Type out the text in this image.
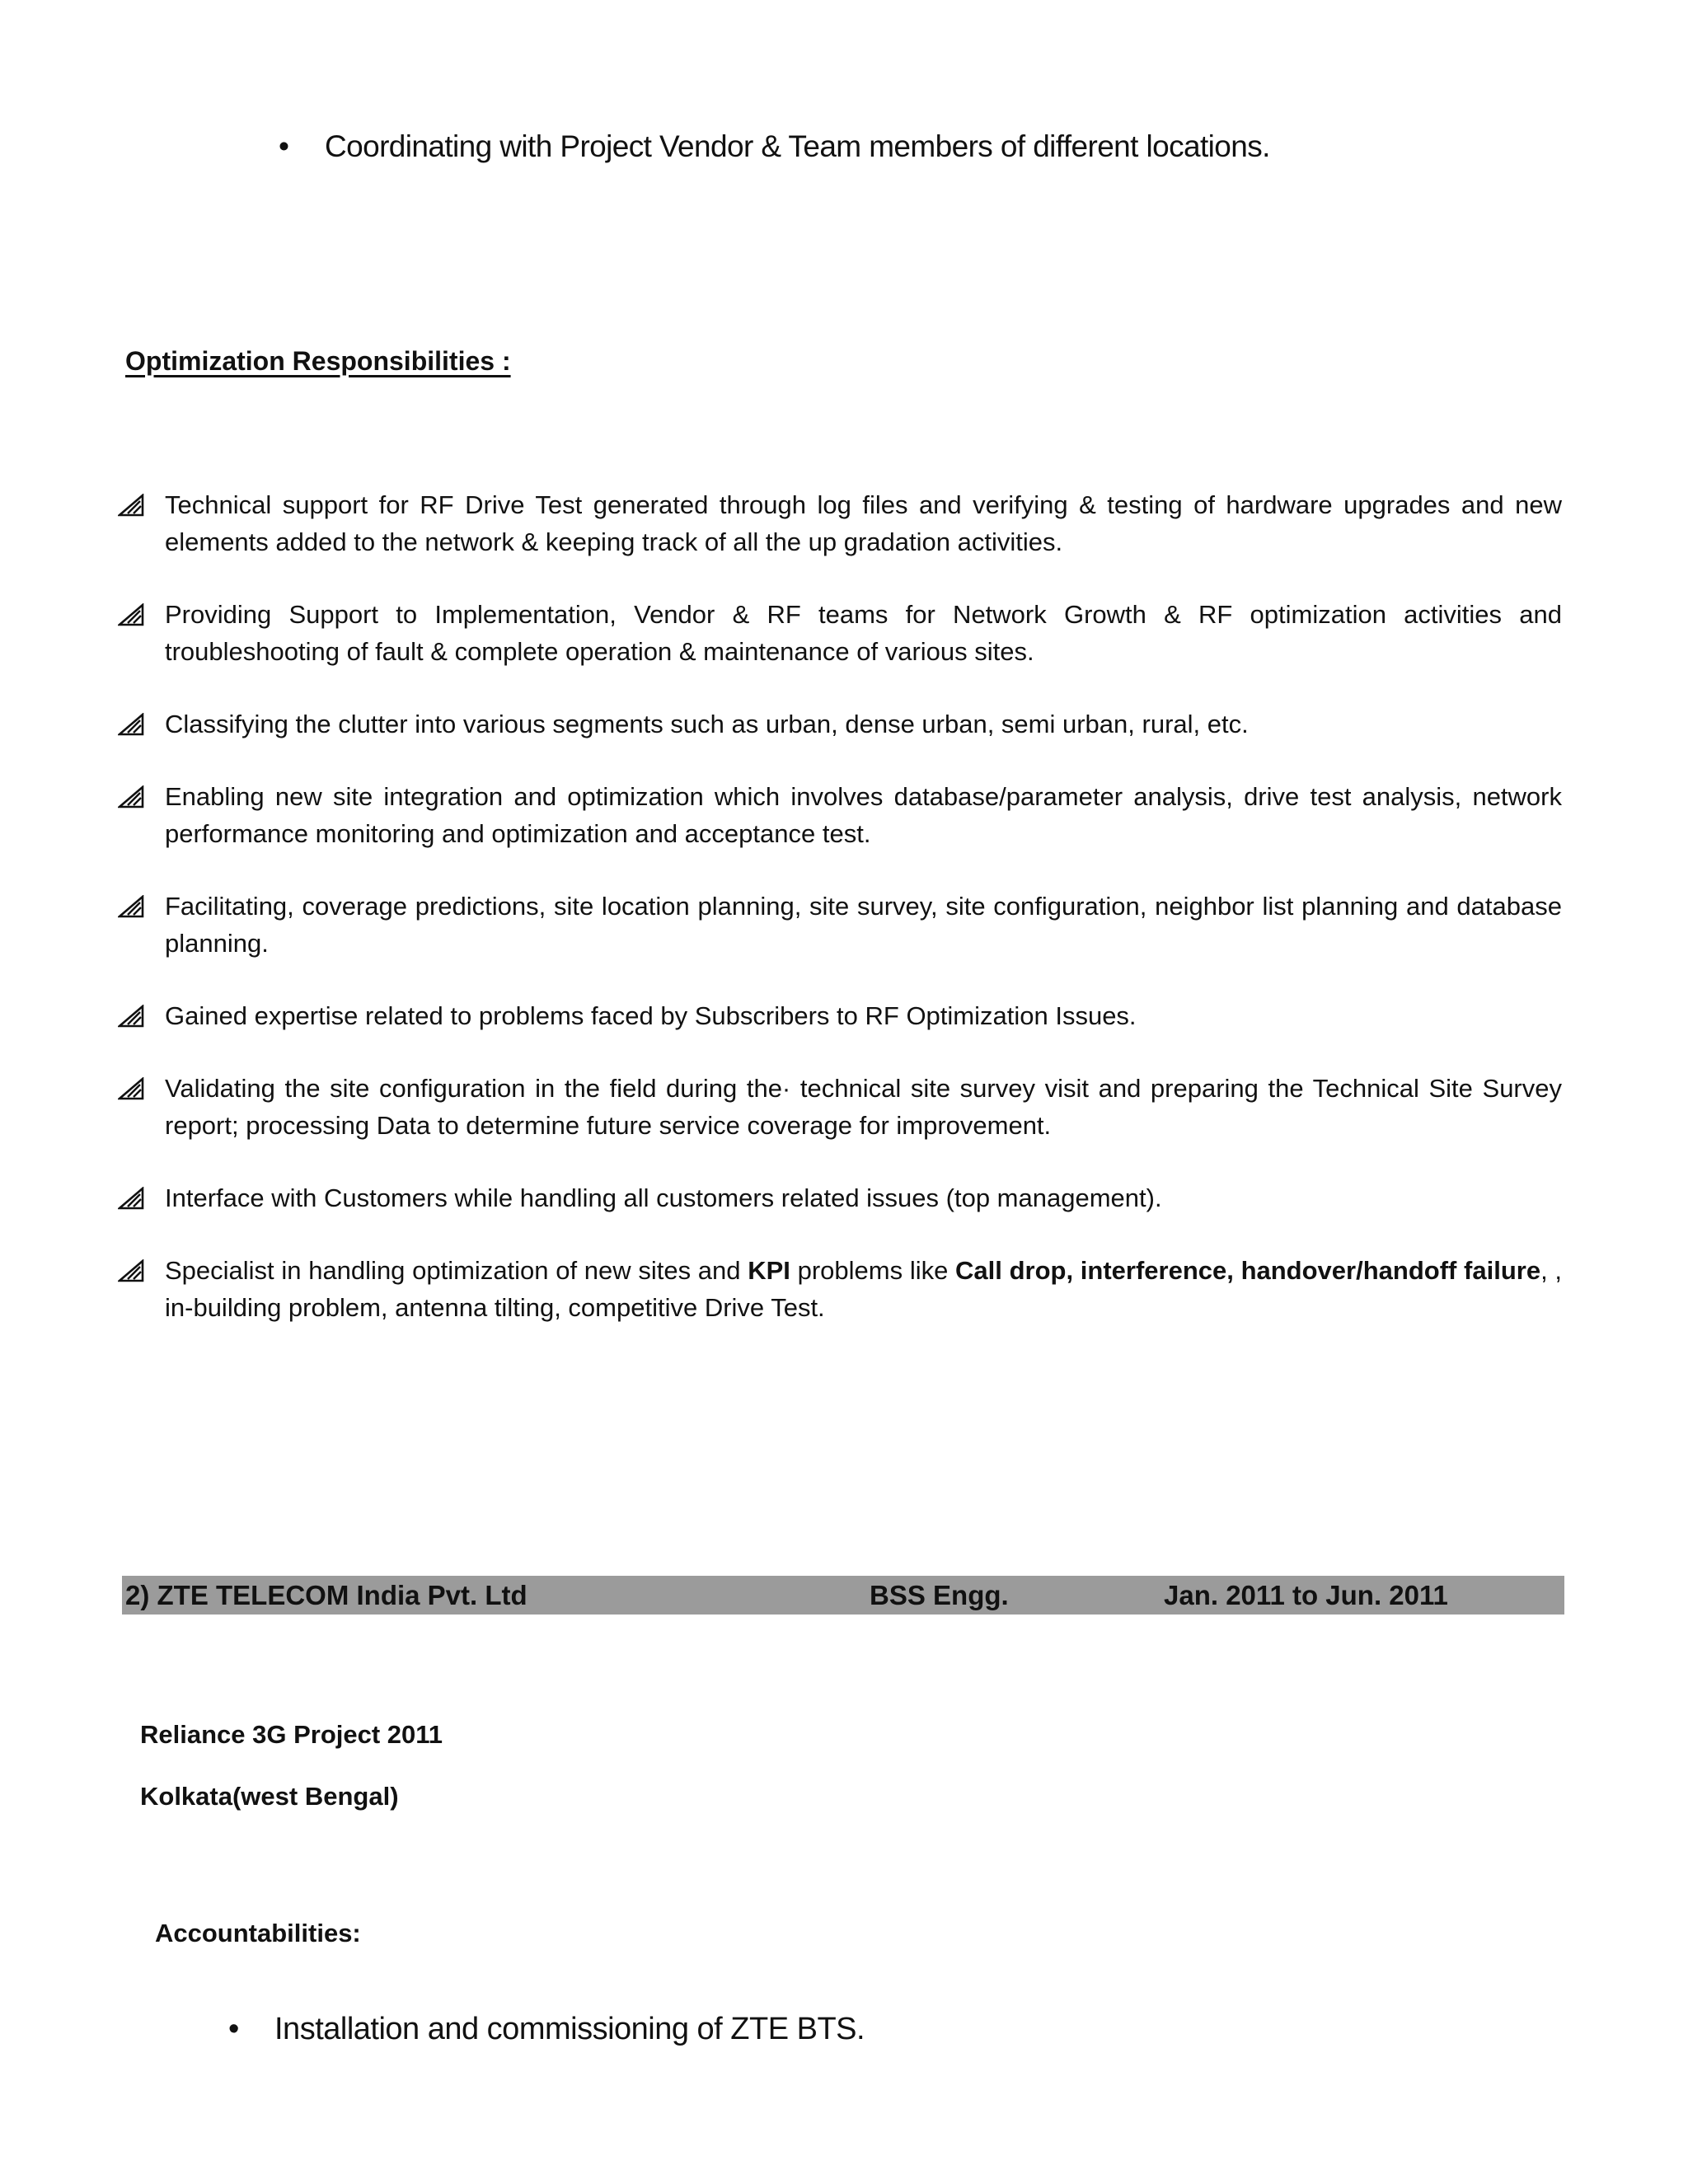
• Coordinating with Project Vendor & Team members of different locations.
Optimization Responsibilities :
Technical support for RF Drive Test generated through log files and verifying & testing of hardware upgrades and new elements added to the network & keeping track of all the up gradation activities.
Providing Support to Implementation, Vendor & RF teams for Network Growth & RF optimization activities and troubleshooting of fault & complete operation & maintenance of various sites.
Classifying the clutter into various segments such as urban, dense urban, semi urban, rural, etc.
Enabling new site integration and optimization which involves database/parameter analysis, drive test analysis, network performance monitoring and optimization and acceptance test.
Facilitating, coverage predictions, site location planning, site survey, site configuration, neighbor list planning and database planning.
Gained expertise related to problems faced by Subscribers to RF Optimization Issues.
Validating the site configuration in the field during the· technical site survey visit and preparing the Technical Site Survey report; processing Data to determine future service coverage for improvement.
Interface with Customers while handling all customers related issues (top management).
Specialist in handling optimization of new sites and KPI problems like Call drop, interference, handover/handoff failure, , in-building problem, antenna tilting, competitive Drive Test.
2) ZTE TELECOM India Pvt. Ltd	BSS Engg.	Jan. 2011 to Jun. 2011
Reliance 3G Project 2011
Kolkata(west Bengal)
Accountabilities:
• Installation and commissioning of ZTE BTS.
